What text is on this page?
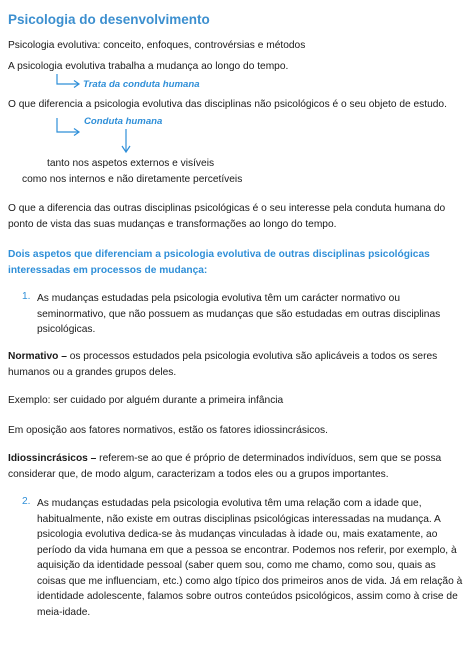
Psicologia do desenvolvimento
Psicologia evolutiva: conceito, enfoques, controvérsias e métodos
A psicologia evolutiva trabalha a mudança ao longo do tempo.
Trata da conduta humana
O que diferencia a psicologia evolutiva das disciplinas não psicológicos é o seu objeto de estudo.
Conduta humana
tanto nos aspetos externos e visíveis
como nos internos e não diretamente percetíveis
O que a diferencia das outras disciplinas psicológicas é o seu interesse pela conduta humana do ponto de vista das suas mudanças e transformações ao longo do tempo.
Dois aspetos que diferenciam a psicologia evolutiva de outras disciplinas psicológicas interessadas em processos de mudança:
1. As mudanças estudadas pela psicologia evolutiva têm um carácter normativo ou seminormativo, que não possuem as mudanças que são estudadas em outras disciplinas psicológicas.
Normativo – os processos estudados pela psicologia evolutiva são aplicáveis a todos os seres humanos ou a grandes grupos deles.
Exemplo: ser cuidado por alguém durante a primeira infância
Em oposição aos fatores normativos, estão os fatores idiossincrásicos.
Idiossincrásicos – referem-se ao que é próprio de determinados indivíduos, sem que se possa considerar que, de modo algum, caracterizam a todos eles ou a grupos importantes.
2. As mudanças estudadas pela psicologia evolutiva têm uma relação com a idade que, habitualmente, não existe em outras disciplinas psicológicas interessadas na mudança. A psicologia evolutiva dedica-se às mudanças vinculadas à idade ou, mais exatamente, ao período da vida humana em que a pessoa se encontrar. Podemos nos referir, por exemplo, à aquisição da identidade pessoal (saber quem sou, como me chamo, como sou, quais as coisas que me influenciam, etc.) como algo típico dos primeiros anos de vida. Já em relação à identidade adolescente, falamos sobre outros conteúdos psicológicos, assim como à crise de meia-idade.
